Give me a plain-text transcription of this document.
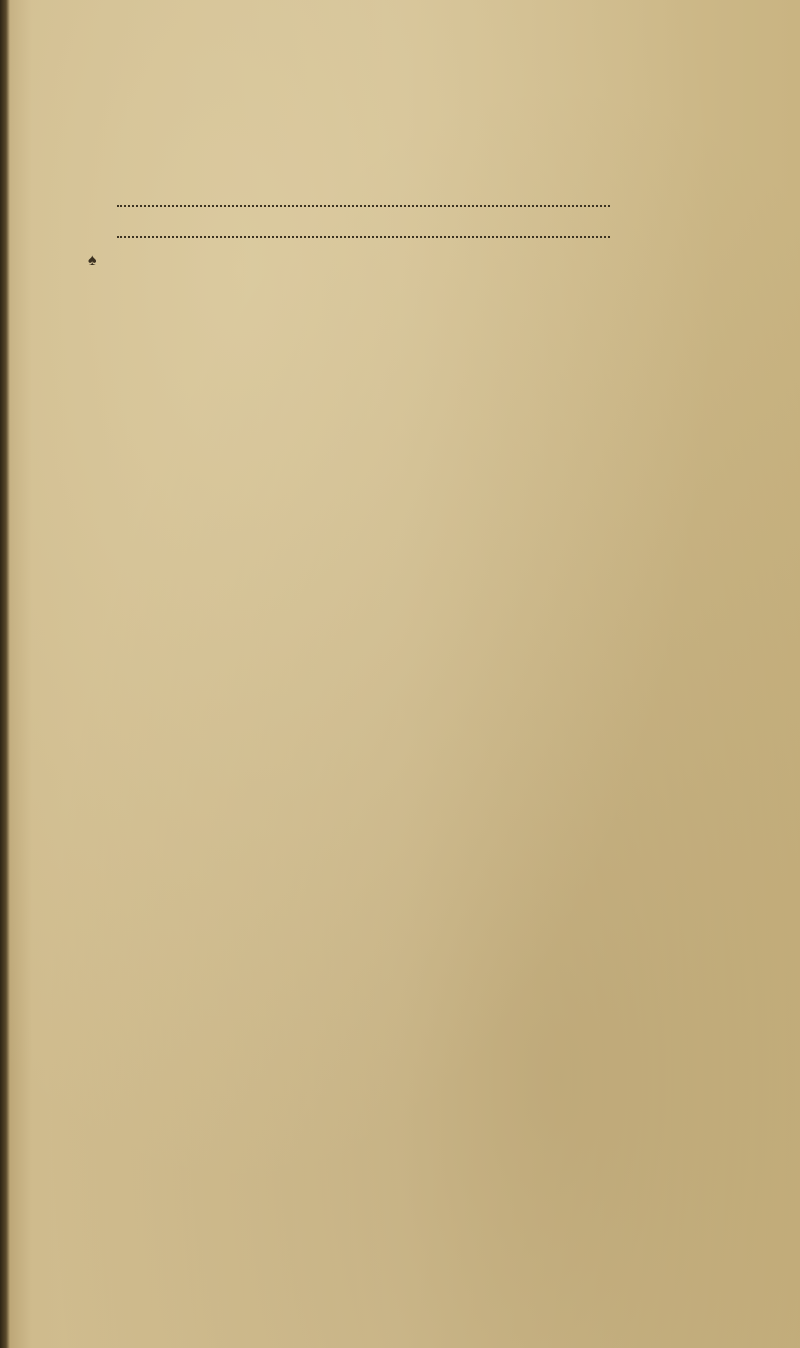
♠
